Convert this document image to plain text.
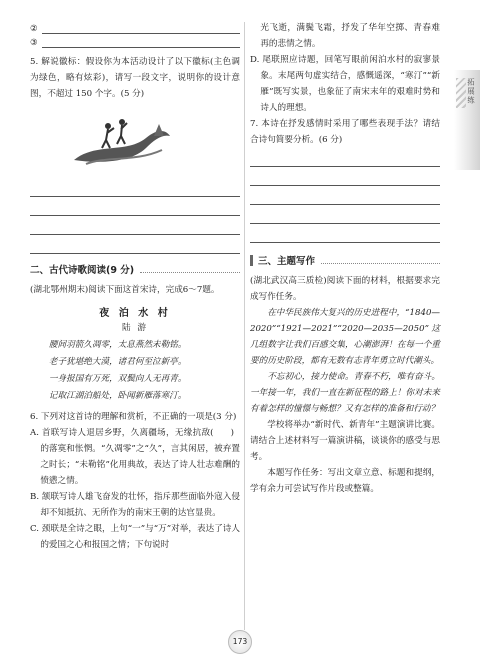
②
③

5. 解说徽标：假设你为本活动设计了以下徽标(主色调为绿色，略有炫彩)，请写一段文字，说明你的设计意图，不超过 150 个字。(5 分)

二、古代诗歌阅读(9 分)

(湖北鄂州期末)阅读下面这首宋诗，完成6～7题。

夜 泊 水 村
陆 游

腰间羽箭久凋零，太息燕然未勒铭。

老子犹堪绝大漠，诸君何至泣新亭。

一身报国有万死，双鬓向人无再青。

记取江湖泊船处，卧闻新雁落寒汀。

6. 下列对这首诗的理解和赏析，不正确的一项是(3 分)
(　　)

A. 首联写诗人退居乡野，久离疆场，无缘抗敌的落寞和怅惘。“久凋零”之“久”，言其闲居，被弃置之时长；“未勒铭”化用典故，表达了诗人壮志难酬的愤懑之情。

B. 颔联写诗人雄飞奋发的壮怀，指斥那些面临外寇入侵却不知抵抗、无所作为的南宋王朝的达官显贵。

C. 颈联是全诗之眼，上句“一”与“万”对举，表达了诗人的爱国之心和报国之情；下句说时

光飞逝，满鬓飞霜，抒发了华年空掷、青春难再的悲情之情。

D. 尾联照应诗题，回笔写眼前闲泊水村的寂寥景象。末尾两句虚实结合，感慨遥深，“寒汀”“新雁”既写实景，也象征了南宋末年的艰难时势和诗人的理想。

7. 本诗在抒发感情时采用了哪些表现手法？请结合诗句简要分析。(6 分)

三、主题写作

(湖北武汉高三质检)阅读下面的材料，根据要求完成写作任务。

在中华民族伟大复兴的历史进程中，“1840—2020”“1921—2021”“2020—2035—2050”这几组数字让我们百感交集，心潮澎湃！在每一个重要的历史阶段，都有无数有志青年勇立时代潮头。

不忘初心，接力使命。青春不朽，唯有奋斗。一年接一年，我们一直在新征程的路上！你对未来有着怎样的憧憬与畅想？又有怎样的准备和行动？

学校将举办“新时代、新青年”主题演讲比赛。请结合上述材料写一篇演讲稿，谈谈你的感受与思考。

本题写作任务：写出文章立意、标题和提纲，学有余力可尝试写作片段或整篇。

拓展练
173
